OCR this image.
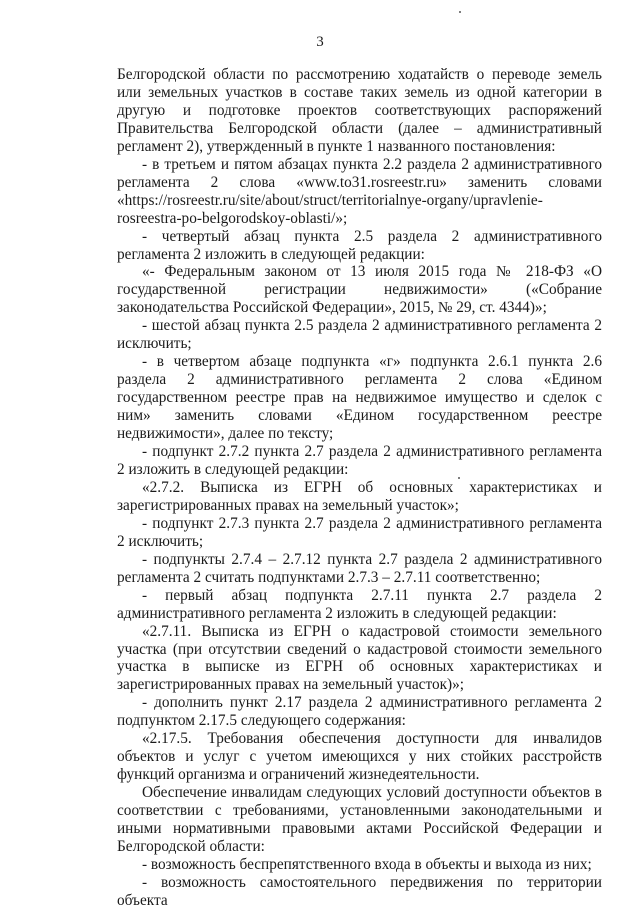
3

Белгородской области по рассмотрению ходатайств о переводе земель или земельных участков в составе таких земель из одной категории в другую и подготовке проектов соответствующих распоряжений Правительства Белгородской области (далее – административный регламент 2), утвержденный в пункте 1 названного постановления:

- в третьем и пятом абзацах пункта 2.2 раздела 2 административного регламента 2 слова «www.to31.rosreestr.ru» заменить словами «https://rosreestr.ru/site/about/struct/territorialnye-organy/upravlenie-rosreestra-po-belgorodskoy-oblasti/»;

- четвертый абзац пункта 2.5 раздела 2 административного регламента 2 изложить в следующей редакции:

«- Федеральным законом от 13 июля 2015 года № 218-ФЗ «О государственной регистрации недвижимости» («Собрание законодательства Российской Федерации», 2015, № 29, ст. 4344)»;

- шестой абзац пункта 2.5 раздела 2 административного регламента 2 исключить;

- в четвертом абзаце подпункта «г» подпункта 2.6.1 пункта 2.6 раздела 2 административного регламента 2 слова «Едином государственном реестре прав на недвижимое имущество и сделок с ним» заменить словами «Едином государственном реестре недвижимости», далее по тексту;

- подпункт 2.7.2 пункта 2.7 раздела 2 административного регламента 2 изложить в следующей редакции:

«2.7.2. Выписка из ЕГРН об основных характеристиках и зарегистрированных правах на земельный участок»;

- подпункт 2.7.3 пункта 2.7 раздела 2 административного регламента 2 исключить;

- подпункты 2.7.4 – 2.7.12 пункта 2.7 раздела 2 административного регламента 2 считать подпунктами 2.7.3 – 2.7.11 соответственно;

- первый абзац подпункта 2.7.11 пункта 2.7 раздела 2 административного регламента 2 изложить в следующей редакции:

«2.7.11. Выписка из ЕГРН о кадастровой стоимости земельного участка (при отсутствии сведений о кадастровой стоимости земельного участка в выписке из ЕГРН об основных характеристиках и зарегистрированных правах на земельный участок)»;

- дополнить пункт 2.17 раздела 2 административного регламента 2 подпунктом 2.17.5 следующего содержания:

«2.17.5. Требования обеспечения доступности для инвалидов объектов и услуг с учетом имеющихся у них стойких расстройств функций организма и ограничений жизнедеятельности.

Обеспечение инвалидам следующих условий доступности объектов в соответствии с требованиями, установленными законодательными и иными нормативными правовыми актами Российской Федерации и Белгородской области:

- возможность беспрепятственного входа в объекты и выхода из них;

- возможность самостоятельного передвижения по территории объекта
